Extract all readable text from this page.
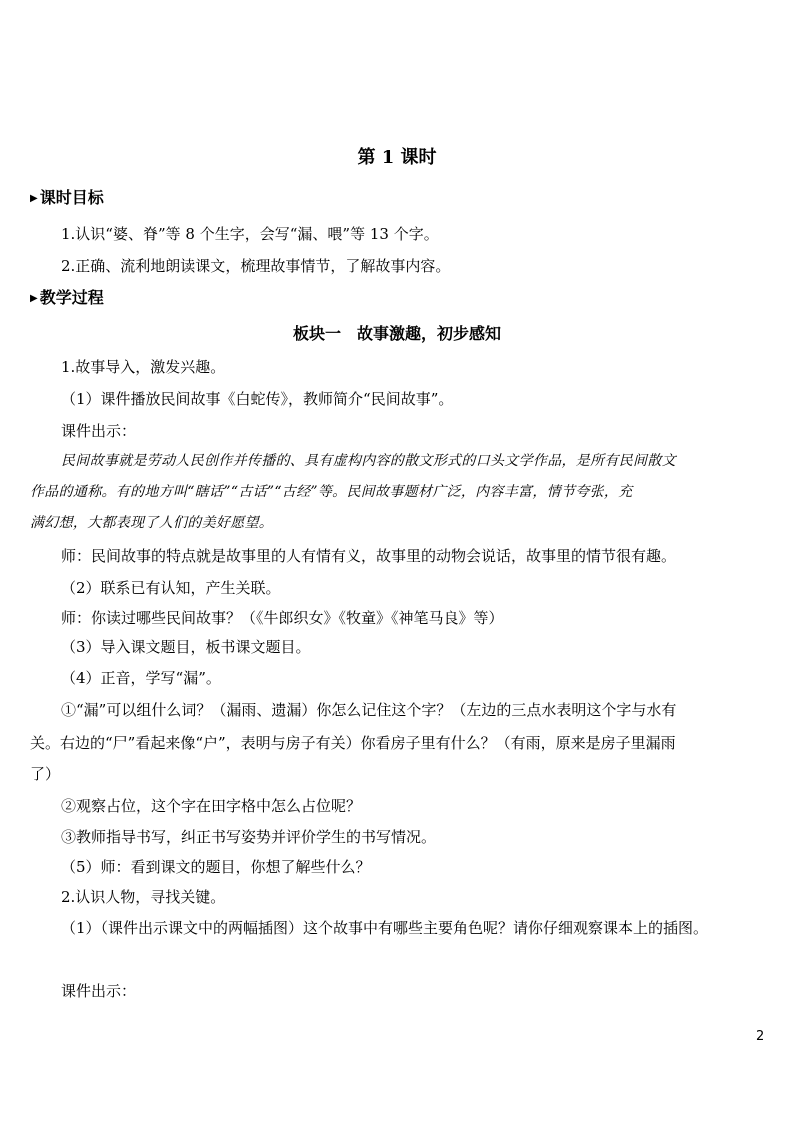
第 1 课时
▶ 课时目标
1.认识“婆、脊”等 8 个生字，会写“漏、喂”等 13 个字。
2.正确、流利地朗读课文，梳理故事情节，了解故事内容。
▶ 教学过程
板块一　故事激趣，初步感知
1.故事导入，激发兴趣。
（1）课件播放民间故事《白蛇传》，教师简介“民间故事”。
课件出示：
民间故事就是劳动人民创作并传播的、具有虚构内容的散文形式的口头文学作品，是所有民间散文
作品的通称。有的地方叫“瞎话”“古话”“古经”等。民间故事题材广泛，内容丰富，情节夸张，充
满幻想，大都表现了人们的美好愿望。
师：民间故事的特点就是故事里的人有情有义，故事里的动物会说话，故事里的情节很有趣。
（2）联系已有认知，产生关联。
师：你读过哪些民间故事？（《牛郎织女》《牧童》《神笔马良》等）
（3）导入课文题目，板书课文题目。
（4）正音，学写“漏”。
①“漏”可以组什么词？（漏雨、遗漏）你怎么记住这个字？（左边的三点水表明这个字与水有
关。右边的“尸”看起来像“户”，表明与房子有关）你看房子里有什么？（有雨，原来是房子里漏雨
了）
②观察占位，这个字在田字格中怎么占位呢？
③教师指导书写，纠正书写姿势并评价学生的书写情况。
（5）师：看到课文的题目，你想了解些什么？
2.认识人物，寻找关键。
（1）（课件出示课文中的两幅插图）这个故事中有哪些主要角色呢？请你仔细观察课本上的插图。
课件出示：
2
